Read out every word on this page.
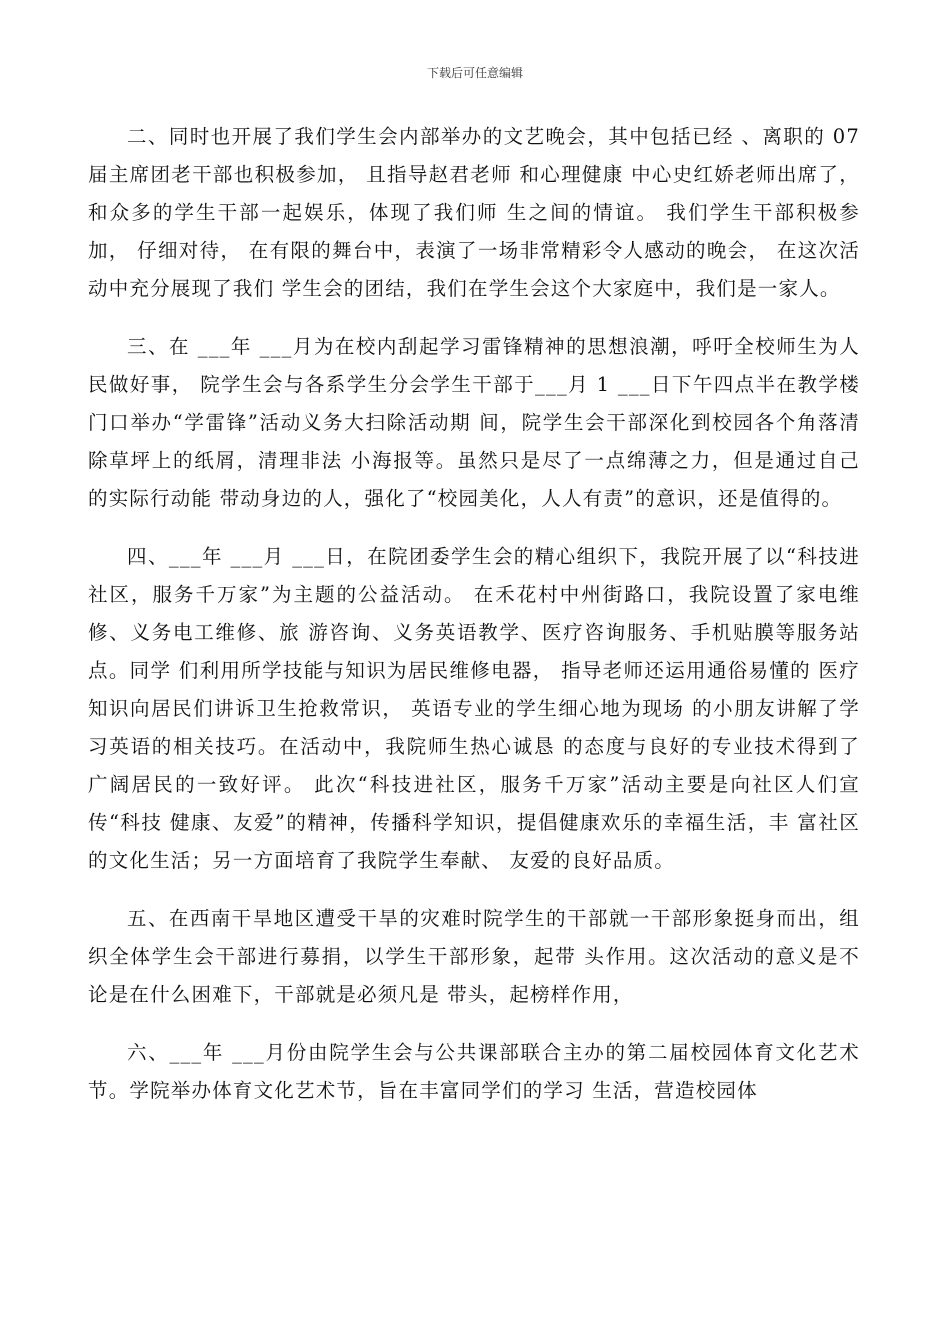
下载后可任意编辑

二、同时也开展了我们学生会内部举办的文艺晚会，其中包括已经 、离职的 07 届主席团老干部也积极参加， 且指导赵君老师 和心理健康 中心史红娇老师出席了，和众多的学生干部一起娱乐，体现了我们师 生之间的情谊。 我们学生干部积极参加， 仔细对待， 在有限的舞台中，表演了一场非常精彩令人感动的晚会， 在这次活动中充分展现了我们 学生会的团结，我们在学生会这个大家庭中，我们是一家人。

三、在 ___年 ___月为在校内刮起学习雷锋精神的思想浪潮，呼吁全校师生为人民做好事， 院学生会与各系学生分会学生干部于___月 1 ___日下午四点半在教学楼门口举办“学雷锋”活动义务大扫除活动期 间，院学生会干部深化到校园各个角落清除草坪上的纸屑，清理非法 小海报等。虽然只是尽了一点绵薄之力，但是通过自己的实际行动能 带动身边的人，强化了“校园美化，人人有责”的意识，还是值得的。

四、___年 ___月 ___日，在院团委学生会的精心组织下，我院开展了以“科技进社区，服务千万家”为主题的公益活动。 在禾花村中州街路口，我院设置了家电维修、义务电工维修、旅 游咨询、义务英语教学、医疗咨询服务、手机贴膜等服务站点。同学 们利用所学技能与知识为居民维修电器， 指导老师还运用通俗易懂的 医疗知识向居民们讲诉卫生抢救常识， 英语专业的学生细心地为现场 的小朋友讲解了学习英语的相关技巧。在活动中，我院师生热心诚恳 的态度与良好的专业技术得到了广阔居民的一致好评。 此次“科技进社区，服务千万家”活动主要是向社区人们宣传“科技 健康、友爱”的精神，传播科学知识，提倡健康欢乐的幸福生活，丰 富社区的文化生活；另一方面培育了我院学生奉献、 友爱的良好品质。

五、在西南干旱地区遭受干旱的灾难时院学生的干部就一干部形象挺身而出，组织全体学生会干部进行募捐，以学生干部形象，起带 头作用。这次活动的意义是不论是在什么困难下，干部就是必须凡是 带头，起榜样作用，

六、___年 ___月份由院学生会与公共课部联合主办的第二届校园体育文化艺术节。学院举办体育文化艺术节，旨在丰富同学们的学习 生活，营造校园体
